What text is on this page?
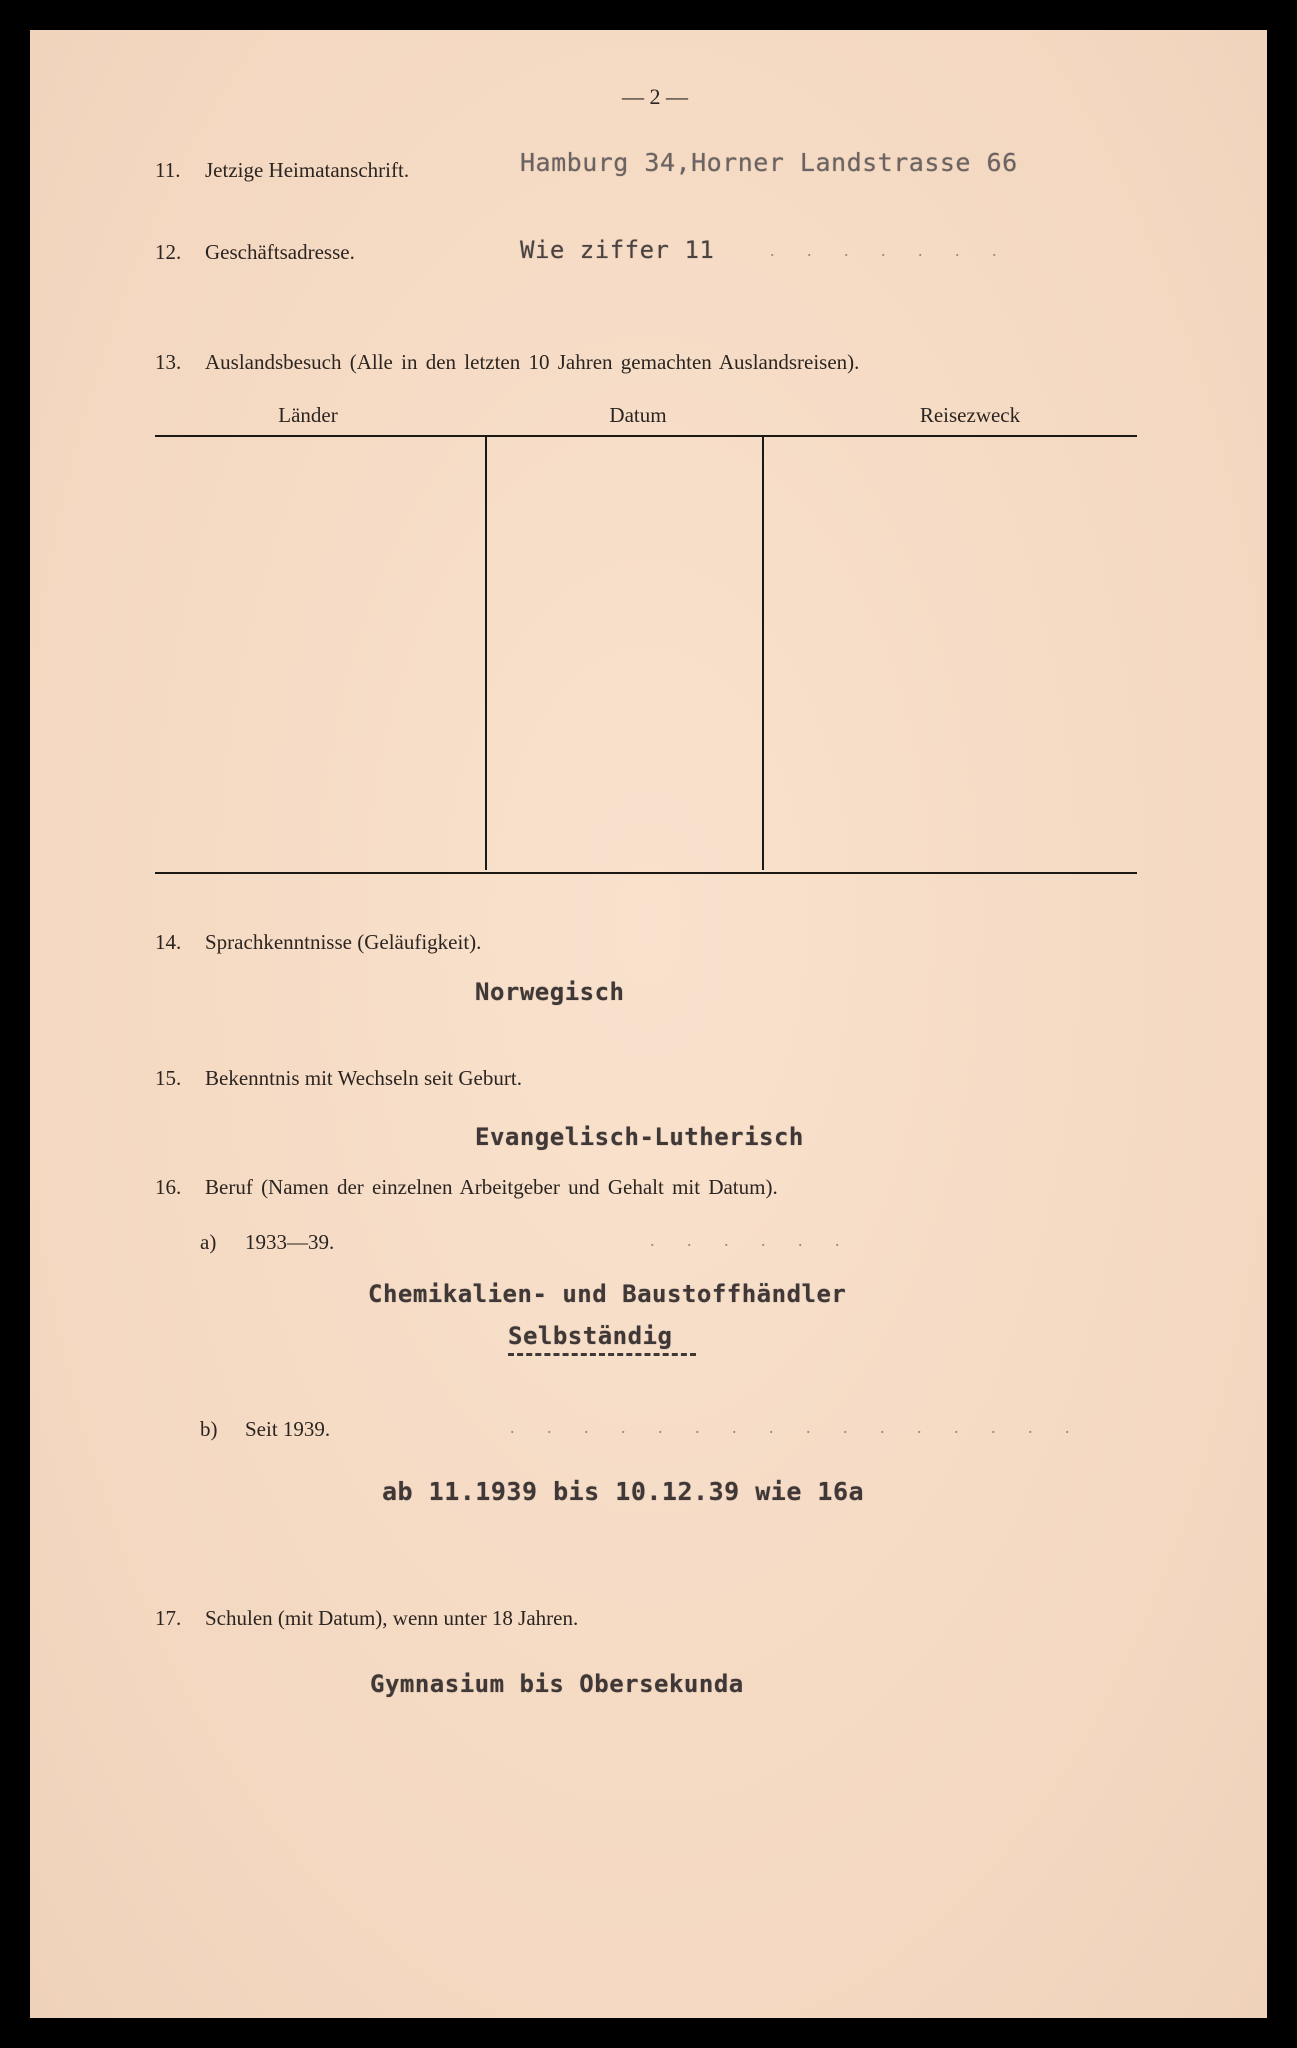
— 2 —
11. Jetzige Heimatanschrift.	Hamburg 34,Horner Landstrasse 66
12. Geschäftsadresse.	Wie ziffer 11	. . . . . . .
13. Auslandsbesuch (Alle in den letzten 10 Jahren gemachten Auslandsreisen).
Länder	Datum	Reisezweck
14. Sprachkenntnisse (Geläufigkeit).
Norwegisch
15. Bekenntnis mit Wechseln seit Geburt.
Evangelisch-Lutherisch
16. Beruf (Namen der einzelnen Arbeitgeber und Gehalt mit Datum).
a) 1933—39.	. . . . . .
Chemikalien- und Baustoffhändler
Selbständig
b) Seit 1939.	. . . . . . . . . . . . . . . .
ab 11.1939 bis 10.12.39 wie 16a
17. Schulen (mit Datum), wenn unter 18 Jahren.
Gymnasium bis Obersekunda
